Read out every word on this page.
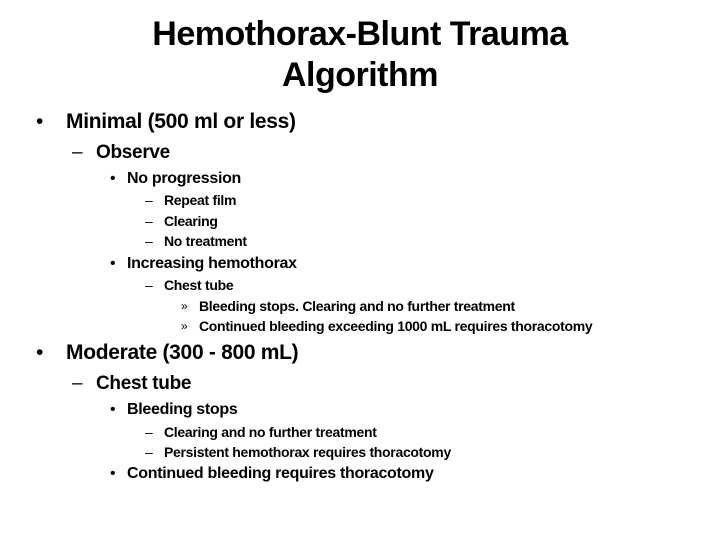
Hemothorax-Blunt Trauma
Algorithm
• Minimal (500 ml or less)
– Observe
• No progression
– Repeat film
– Clearing
– No treatment
• Increasing hemothorax
– Chest tube
» Bleeding stops. Clearing and no further treatment
» Continued bleeding exceeding 1000 mL requires thoracotomy
• Moderate (300 - 800 mL)
– Chest tube
• Bleeding stops
– Clearing and no further treatment
– Persistent hemothorax requires thoracotomy
• Continued bleeding requires thoracotomy
